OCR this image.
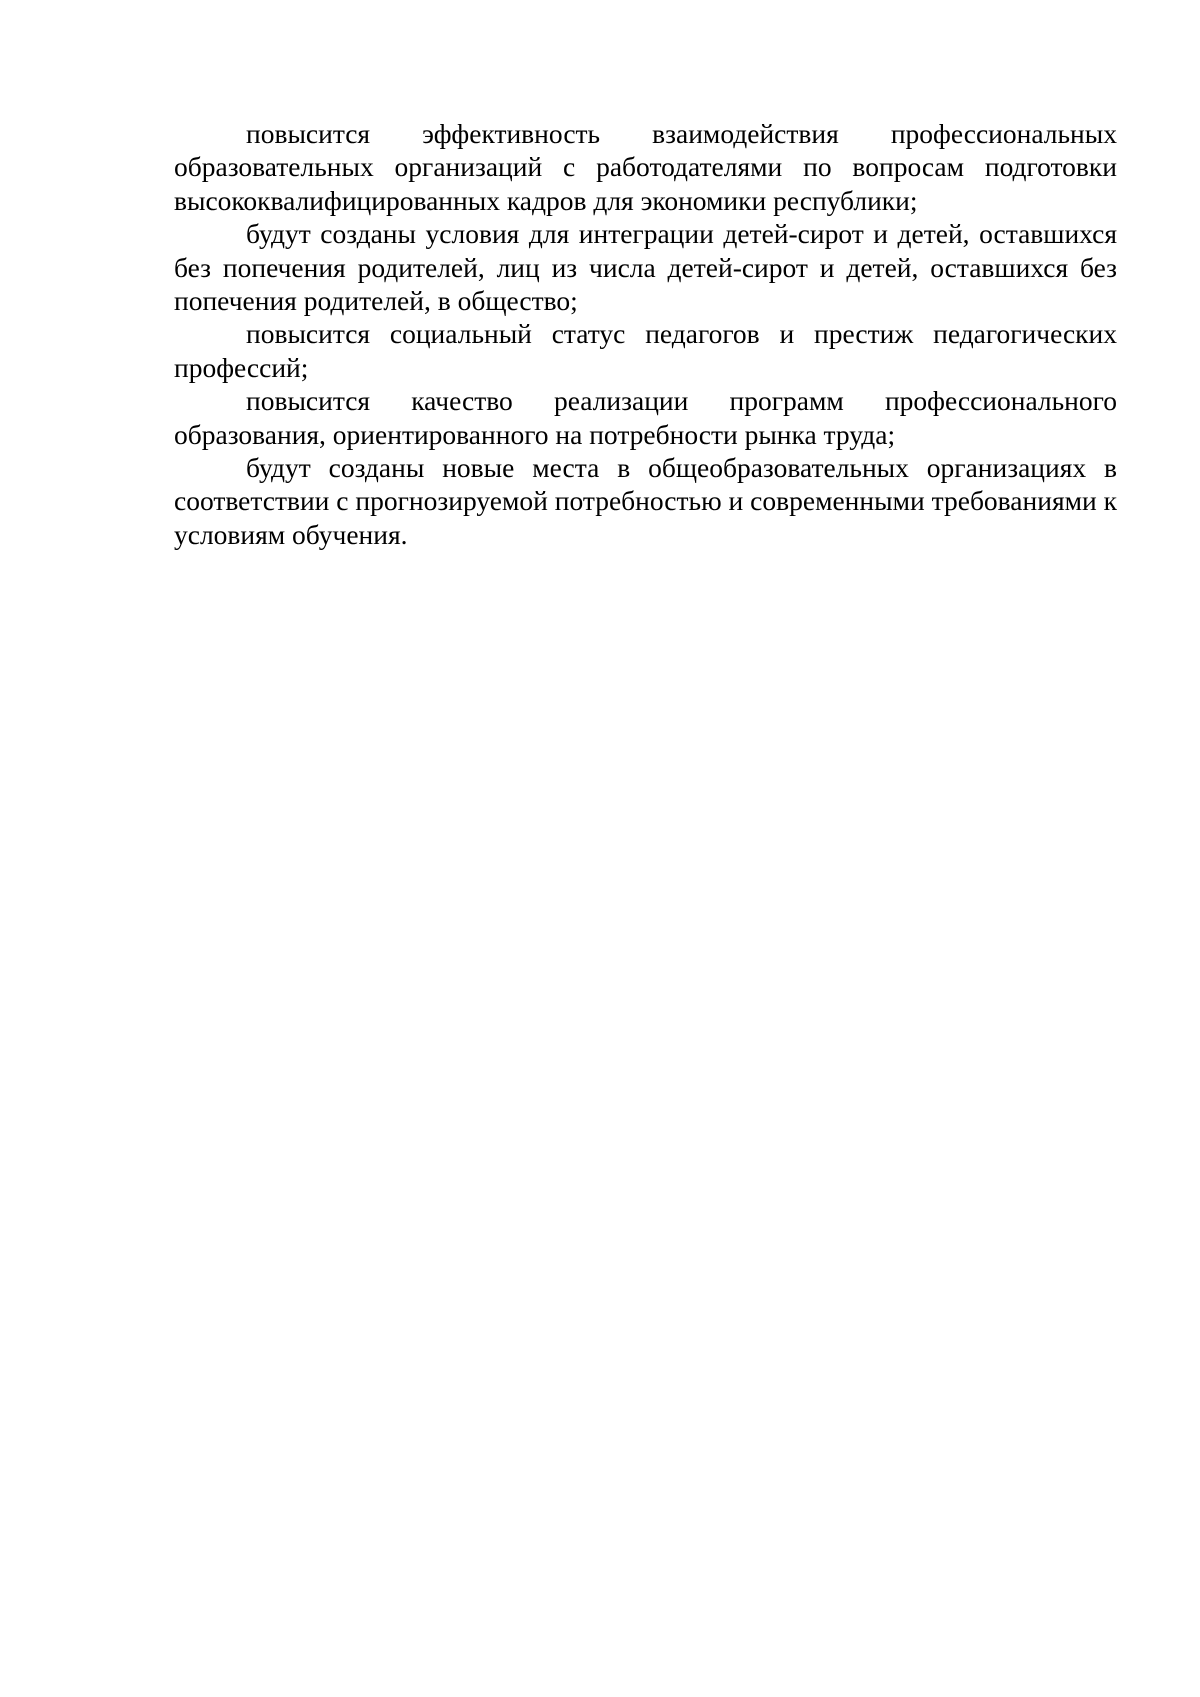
повысится эффективность взаимодействия профессиональных образовательных организаций с работодателями по вопросам подготовки высококвалифицированных кадров для экономики республики;

будут созданы условия для интеграции детей-сирот и детей, оставшихся без попечения родителей, лиц из числа детей-сирот и детей, оставшихся без попечения родителей, в общество;

повысится социальный статус педагогов и престиж педагогических профессий;

повысится качество реализации программ профессионального образования, ориентированного на потребности рынка труда;

будут созданы новые места в общеобразовательных организациях в соответствии с прогнозируемой потребностью и современными требованиями к условиям обучения.
